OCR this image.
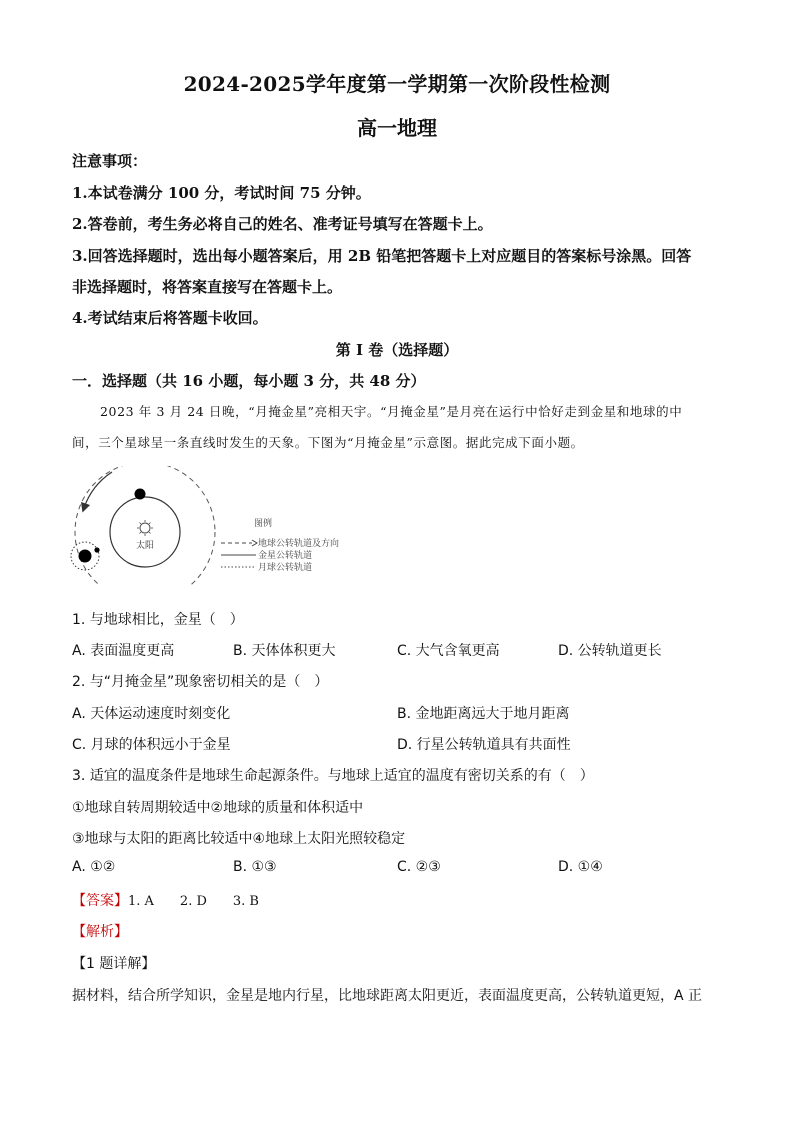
2024-2025学年度第一学期第一次阶段性检测
高一地理
注意事项：
1.本试卷满分 100 分，考试时间 75 分钟。
2.答卷前，考生务必将自己的姓名、准考证号填写在答题卡上。
3.回答选择题时，选出每小题答案后，用 2B 铅笔把答题卡上对应题目的答案标号涂黑。回答
非选择题时，将答案直接写在答题卡上。
4.考试结束后将答题卡收回。
第 I 卷（选择题）
一．选择题（共 16 小题，每小题 3 分，共 48 分）
2023 年 3 月 24 日晚，“月掩金星”亮相天宇。“月掩金星”是月亮在运行中恰好走到金星和地球的中
间，三个星球呈一条直线时发生的天象。下图为“月掩金星”示意图。据此完成下面小题。
太阳
图例
地球公转轨道及方向
金星公转轨道
月球公转轨道
1. 与地球相比，金星（　）
A. 表面温度更高	B. 天体体积更大	C. 大气含氧更高	D. 公转轨道更长
2. 与“月掩金星”现象密切相关的是（　）
A. 天体运动速度时刻变化	B. 金地距离远大于地月距离
C. 月球的体积远小于金星	D. 行星公转轨道具有共面性
3. 适宜的温度条件是地球生命起源条件。与地球上适宜的温度有密切关系的有（　）
①地球自转周期较适中②地球的质量和体积适中
③地球与太阳的距离比较适中④地球上太阳光照较稳定
A. ①②	B. ①③	C. ②③	D. ①④
【答案】1. A　　2. D　　3. B
【解析】
【1 题详解】
据材料，结合所学知识，金星是地内行星，比地球距离太阳更近，表面温度更高，公转轨道更短，A 正
